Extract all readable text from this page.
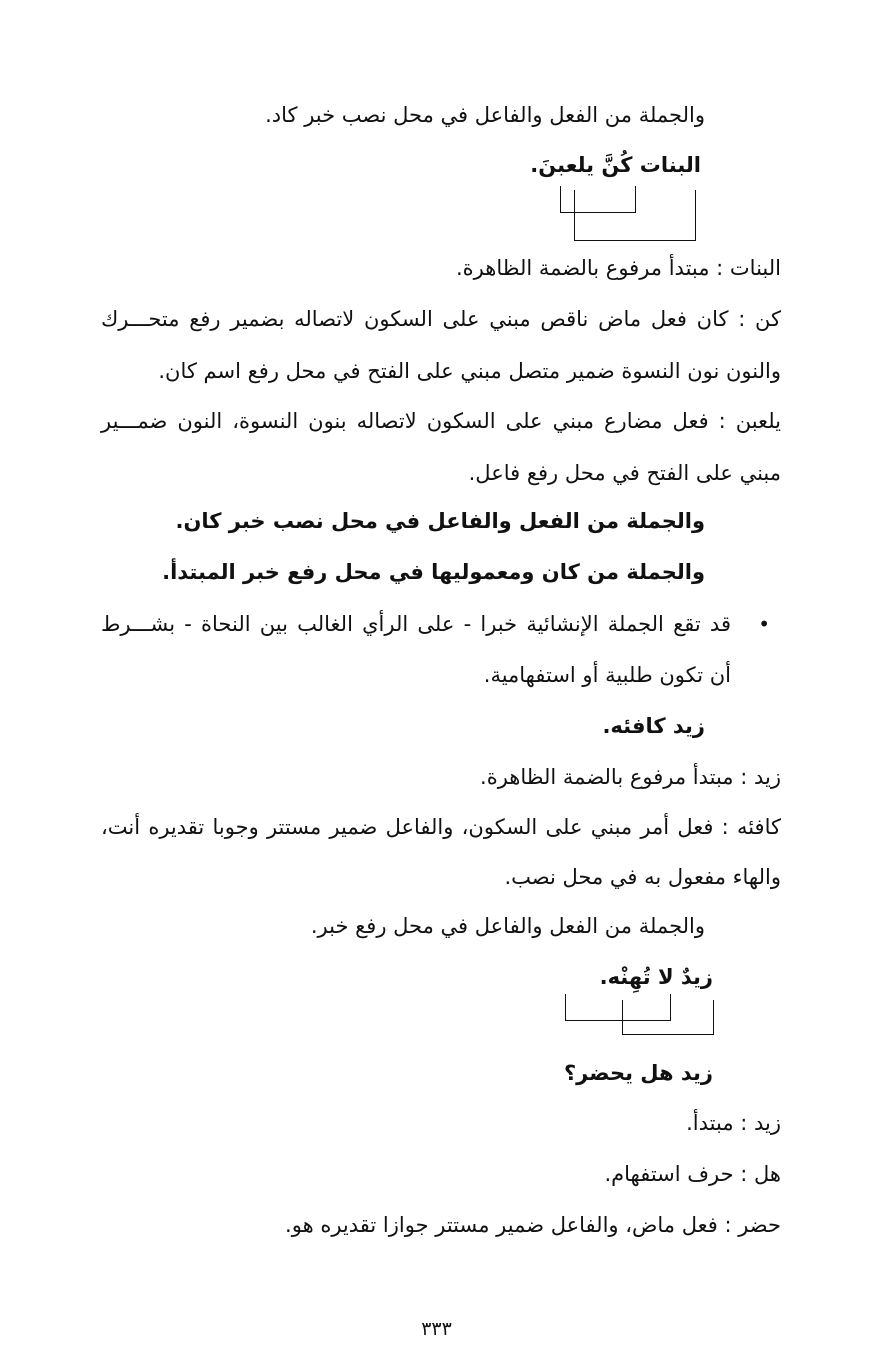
والجملة من الفعل والفاعل في محل نصب خبر كاد.

البنات كُنَّ يلعبنَ.

البنات : مبتدأ مرفوع بالضمة الظاهرة.

كن : كان فعل ماض ناقص مبني على السكون لاتصاله بضمير رفع متحـــرك

والنون نون النسوة ضمير متصل مبني على الفتح في محل رفع اسم كان.

يلعبن : فعل مضارع مبني على السكون لاتصاله بنون النسوة، النون ضمـــير

مبني على الفتح في محل رفع فاعل.

والجملة من الفعل والفاعل في محل نصب خبر كان.

والجملة من كان ومعموليها في محل رفع خبر المبتدأ.

•

قد تقع الجملة الإنشائية خبرا - على الرأي الغالب بين النحاة - بشـــرط

أن تكون طلبية أو استفهامية.

زيد كافئه.

زيد : مبتدأ مرفوع بالضمة الظاهرة.

كافئه : فعل أمر مبني على السكون، والفاعل ضمير مستتر وجوبا تقديره أنت،

والهاء مفعول به في محل نصب.

والجملة من الفعل والفاعل في محل رفع خبر.

زيدٌ لا تُهِنْه.

زيد هل يحضر؟

زيد : مبتدأ.

هل : حرف استفهام.

حضر : فعل ماض، والفاعل ضمير مستتر جوازا تقديره هو.

٣٣٣
